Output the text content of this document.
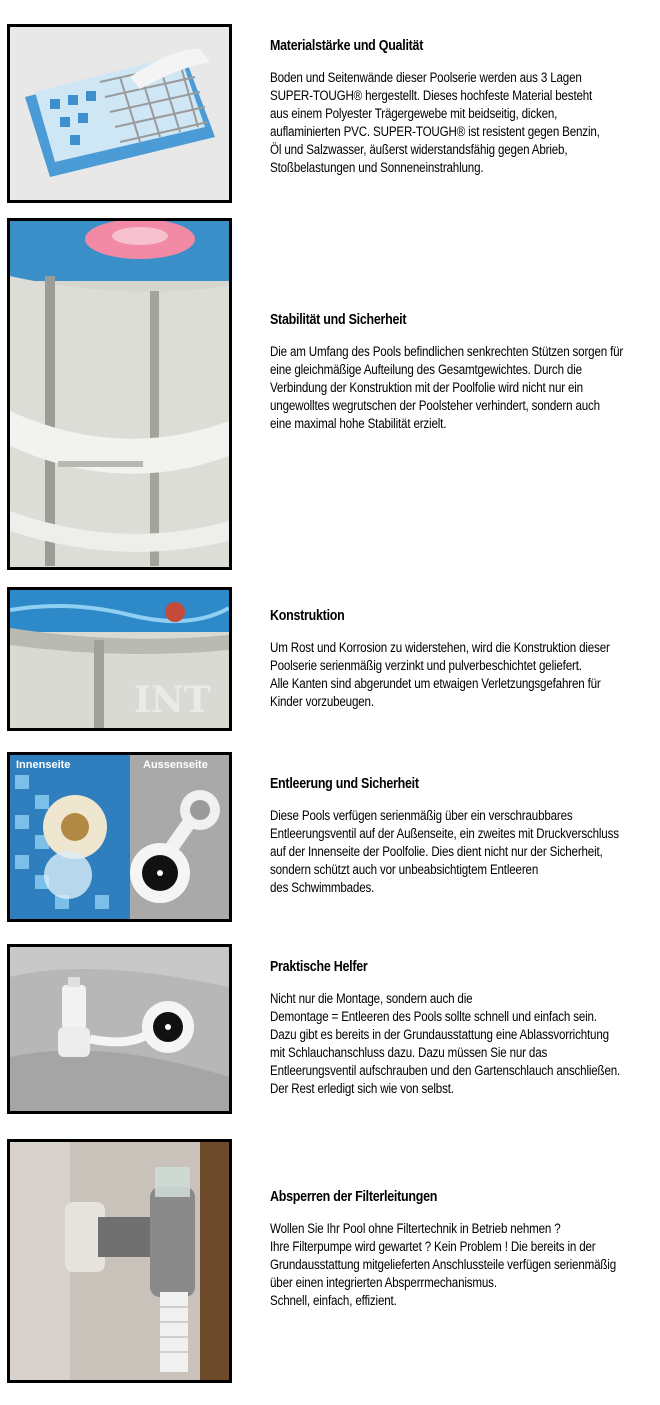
Materialstärke und Qualität
Boden und Seitenwände dieser Poolserie werden aus 3 Lagen
SUPER-TOUGH® hergestellt. Dieses hochfeste Material besteht
aus einem Polyester Trägergewebe mit beidseitig, dicken,
auflaminierten PVC. SUPER-TOUGH® ist resistent gegen Benzin,
Öl und Salzwasser, äußerst widerstandsfähig gegen Abrieb,
Stoßbelastungen und Sonneneinstrahlung.
Stabilität und Sicherheit
Die am Umfang des Pools befindlichen senkrechten Stützen sorgen für
eine gleichmäßige Aufteilung des Gesamtgewichtes. Durch die
Verbindung der Konstruktion mit der Poolfolie wird nicht nur ein
ungewolltes wegrutschen der Poolsteher verhindert, sondern auch
eine maximal hohe Stabilität erzielt.
INT
Konstruktion
Um Rost und Korrosion zu widerstehen, wird die Konstruktion dieser
Poolserie serienmäßig verzinkt und pulverbeschichtet geliefert.
Alle Kanten sind abgerundet um etwaigen Verletzungsgefahren für
Kinder vorzubeugen.
Innenseite	Aussenseite
Entleerung und Sicherheit
Diese Pools verfügen serienmäßig über ein verschraubbares
Entleerungsventil auf der Außenseite, ein zweites mit Druckverschluss
auf der Innenseite der Poolfolie. Dies dient nicht nur der Sicherheit,
sondern schützt auch vor unbeabsichtigtem Entleeren
des Schwimmbades.
Praktische Helfer
Nicht nur die Montage, sondern auch die
Demontage = Entleeren des Pools sollte schnell und einfach sein.
Dazu gibt es bereits in der Grundausstattung eine Ablassvorrichtung
mit Schlauchanschluss dazu. Dazu müssen Sie nur das
Entleerungsventil aufschrauben und den Gartenschlauch anschließen.
Der Rest erledigt sich wie von selbst.
Absperren der Filterleitungen
Wollen Sie Ihr Pool ohne Filtertechnik in Betrieb nehmen ?
Ihre Filterpumpe wird gewartet ? Kein Problem ! Die bereits in der
Grundausstattung mitgelieferten Anschlussteile verfügen serienmäßig
über einen integrierten Absperrmechanismus.
Schnell, einfach, effizient.
